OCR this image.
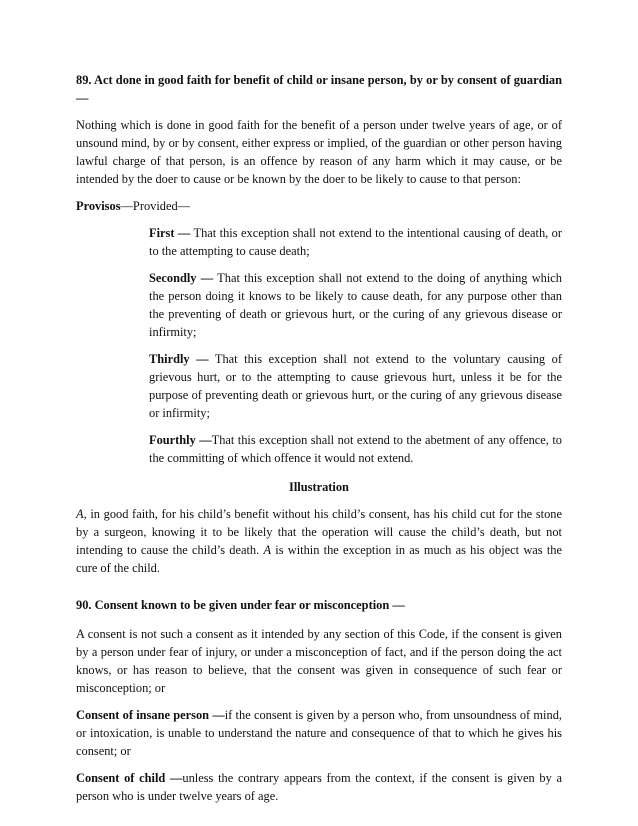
89. Act done in good faith for benefit of child or insane person, by or by consent of guardian —

Nothing which is done in good faith for the benefit of a person under twelve years of age, or of unsound mind, by or by consent, either express or implied, of the guardian or other person having lawful charge of that person, is an offence by reason of any harm which it may cause, or be intended by the doer to cause or be known by the doer to be likely to cause to that person:

Provisos—Provided—

First — That this exception shall not extend to the intentional causing of death, or to the attempting to cause death;

Secondly — That this exception shall not extend to the doing of anything which the person doing it knows to be likely to cause death, for any purpose other than the preventing of death or grievous hurt, or the curing of any grievous disease or infirmity;

Thirdly — That this exception shall not extend to the voluntary causing of grievous hurt, or to the attempting to cause grievous hurt, unless it be for the purpose of preventing death or grievous hurt, or the curing of any grievous disease or infirmity;

Fourthly —That this exception shall not extend to the abetment of any offence, to the committing of which offence it would not extend.

Illustration

A, in good faith, for his child’s benefit without his child’s consent, has his child cut for the stone by a surgeon, knowing it to be likely that the operation will cause the child’s death, but not intending to cause the child’s death. A is within the exception in as much as his object was the cure of the child.

90. Consent known to be given under fear or misconception —

A consent is not such a consent as it intended by any section of this Code, if the consent is given by a person under fear of injury, or under a misconception of fact, and if the person doing the act knows, or has reason to believe, that the consent was given in consequence of such fear or misconception; or

Consent of insane person —if the consent is given by a person who, from unsoundness of mind, or intoxication, is unable to understand the nature and consequence of that to which he gives his consent; or

Consent of child —unless the contrary appears from the context, if the consent is given by a person who is under twelve years of age.
